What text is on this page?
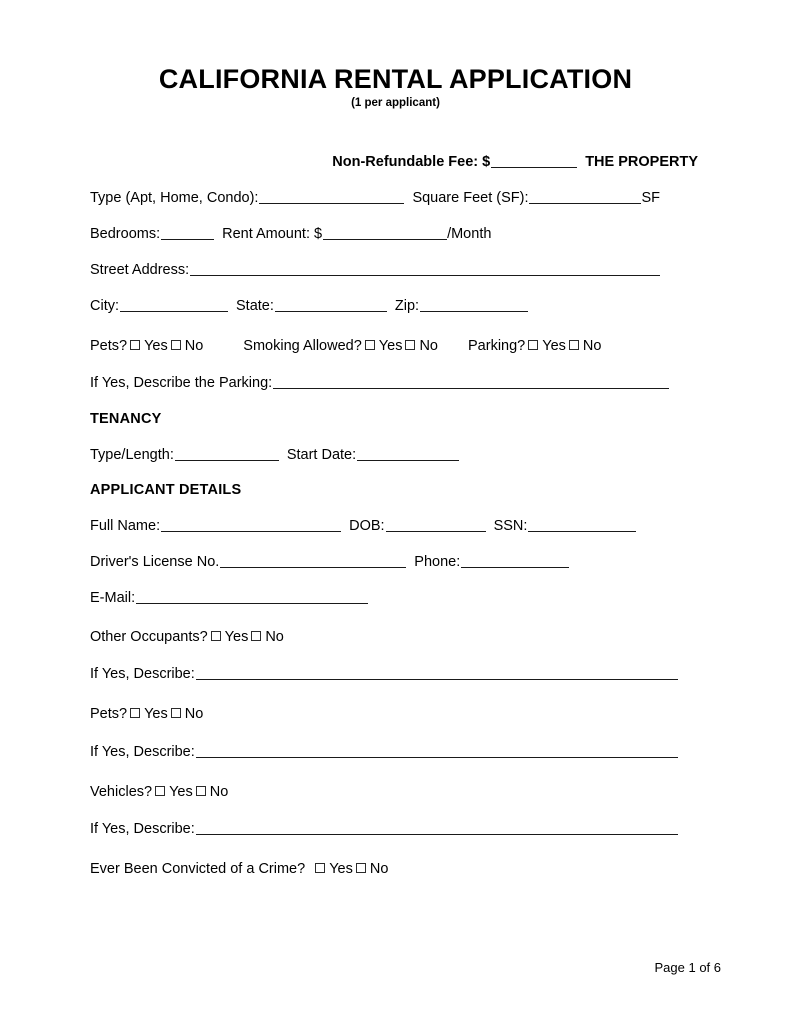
CALIFORNIA RENTAL APPLICATION
(1 per applicant)
Non-Refundable Fee: $	THE PROPERTY
Type (Apt, Home, Condo):	Square Feet (SF):	SF
Bedrooms:	Rent Amount: $	/Month
Street Address:
City:	State:	Zip:
Pets? Yes No	Smoking Allowed? Yes No Parking? Yes No
If Yes, Describe the Parking:
TENANCY
Type/Length:	Start Date:
APPLICANT DETAILS
Full Name:	DOB:	SSN:
Driver's License No.	Phone:
E-Mail:
Other Occupants? Yes No
If Yes, Describe:
Pets? Yes No
If Yes, Describe:
Vehicles? Yes No
If Yes, Describe:
Ever Been Convicted of a Crime? Yes No
Page 1 of 6
